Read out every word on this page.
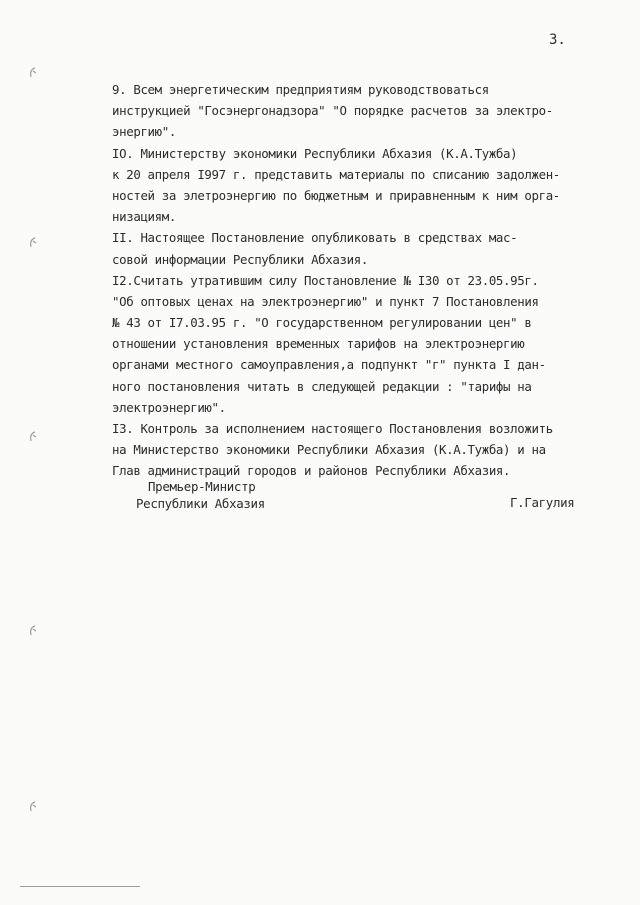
3.
9. Всем энергетическим предприятиям руководствоваться
инструкцией "Госэнергонадзора" "О порядке расчетов за электро-
энергию".
IO. Министерству экономики Республики Абхазия (К.А.Тужба)
к 20 апреля I997 г. представить материалы по списанию задолжен-
ностей за элетроэнергию по бюджетным и приравненным к ним орга-
низациям.
II. Настоящее Постановление опубликовать в средствах мас-
совой информации Республики Абхазия.
I2.Считать утратившим силу Постановление № I30 от 23.05.95г.
"Об оптовых ценах на электроэнергию" и пункт 7 Постановления
№ 43 от I7.03.95 г. "О государственном регулировании цен" в
отношении установления временных тарифов на электроэнергию
органами местного самоуправления,а подпункт "г" пункта I дан-
ного постановления читать в следующей редакции : "тарифы на
электроэнергию".
I3. Контроль за исполнением настоящего Постановления возложить
на Министерство экономики Республики Абхазия (К.А.Тужба) и на
Глав администраций городов и районов Республики Абхазия.
Премьер-Министр
Республики Абхазия	Г.Гагулия
